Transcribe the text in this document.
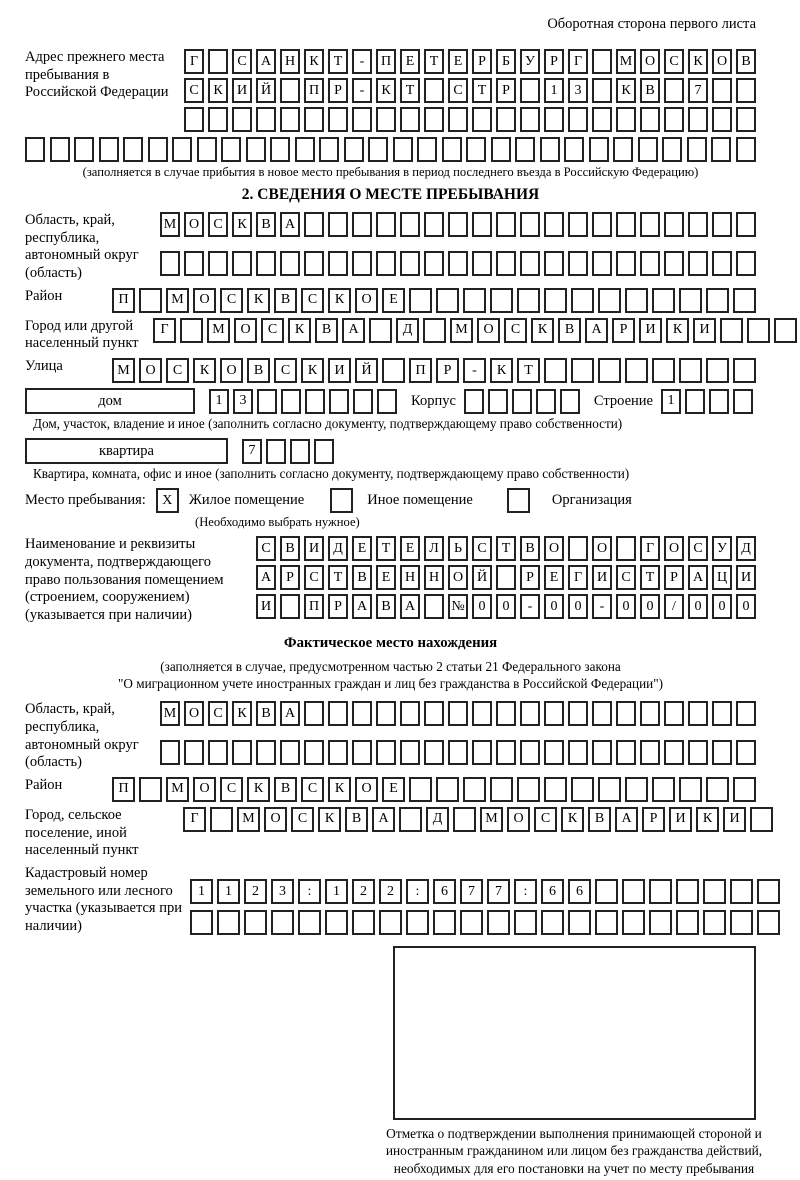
Оборотная сторона первого листа
Адрес прежнего места пребывания в Российской Федерации
Г	С	А Н	К	Т	-	П	Е	Т	Е	Р	Б	У	Р	Г	М О	С	К	О	В
С	К	И Й	П	Р	-	К	Т	С	Т	Р	1	3	К	В	7
(заполняется в случае прибытия в новое место пребывания в период последнего въезда в Российскую Федерацию)
2. СВЕДЕНИЯ О МЕСТЕ ПРЕБЫВАНИЯ
Область, край, республика, автономный округ (область)
М О	С	К	В	А
Район	П	М	О	С	К	В	С	К	О	Е
Город или другой населенный пункт
Г	М	О	С	К	В	А	Д	М	О	С	К	В	А	Р	И	К	И
Улица	М	О	С	К	О	В	С	К	И	Й	П	Р	-	К	Т
дом	1	3	Корпус	Строение	1
Дом, участок, владение и иное (заполнить согласно документу, подтверждающему право собственности)
квартира	7
Квартира, комната, офис и иное (заполнить согласно документу, подтверждающему право собственности)
Место пребывания:	X	Жилое помещение	Иное помещение	Организация
(Необходимо выбрать нужное)
Наименование и реквизиты документа, подтверждающего право пользования помещением (строением, сооружением) (указывается при наличии)
С	В	И	Д	Е	Т	Е	Л	Ь	С	Т	В	О	О	Г	О	С	У	Д
А	Р	С	Т	В	Е	Н Н О Й	Р	Е	Г	И	С	Т	Р	А Ц И
И	П	Р	А	В	А	№ 0	0	-	0	0	-	0	0	/	0	0	0
Фактическое место нахождения
(заполняется в случае, предусмотренном частью 2 статьи 21 Федерального закона
"О миграционном учете иностранных граждан и лиц без гражданства в Российской Федерации")
Область, край, республика, автономный округ (область)
М О	С	К	В	А
Район	П	М	О	С	К	В	С	К	О	Е
Город, сельское поселение, иной населенный пункт
Г	М	О	С	К	В	А	Д	М	О	С	К	В	А	Р	И	К	И
Кадастровый номер земельного или лесного участка (указывается при наличии)
1	1	2	3	:	1	2	2	:	6	7	7	:	6	6
Отметка о подтверждении выполнения принимающей стороной и иностранным гражданином или лицом без гражданства действий, необходимых для его постановки на учет по месту пребывания
